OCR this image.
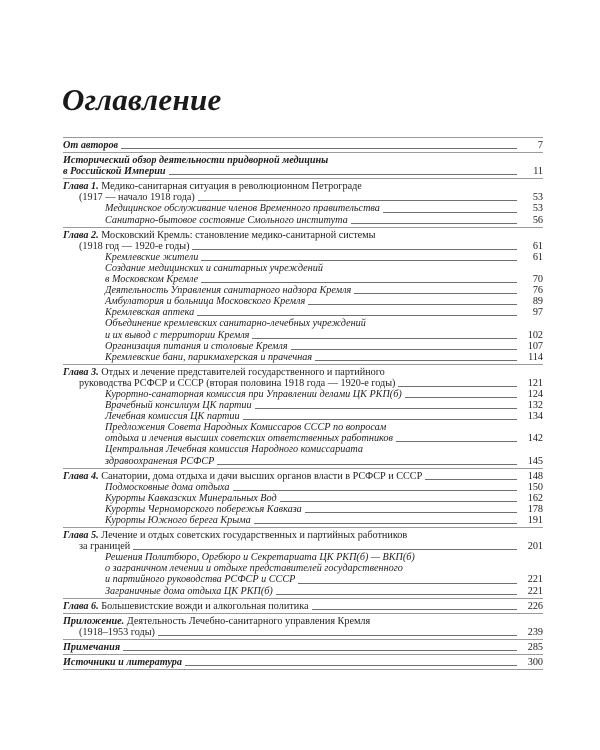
Оглавление
От авторов	7
Исторический обзор деятельности придворной медицины
в Российской Империи	11
Глава 1. Медико-санитарная ситуация в революционном Петрограде
(1917 — начало 1918 года)	53
Медицинское обслуживание членов Временного правительства	53
Санитарно-бытовое состояние Смольного института	56
Глава 2. Московский Кремль: становление медико-санитарной системы
(1918 год — 1920-е годы)	61
Кремлевские жители	61
Создание медицинских и санитарных учреждений
в Московском Кремле	70
Деятельность Управления санитарного надзора Кремля	76
Амбулатория и больница Московского Кремля	89
Кремлевская аптека	97
Объединение кремлевских санитарно-лечебных учреждений
и их вывод с территории Кремля	102
Организация питания и столовые Кремля	107
Кремлевские бани, парикмахерская и прачечная	114
Глава 3. Отдых и лечение представителей государственного и партийного
руководства РСФСР и СССР (вторая половина 1918 года — 1920-е годы)	121
Курортно-санаторная комиссия при Управлении делами ЦК РКП(б)	124
Врачебный консилиум ЦК партии	132
Лечебная комиссия ЦК партии	134
Предложения Совета Народных Комиссаров СССР по вопросам
отдыха и лечения высших советских ответственных работников	142
Центральная Лечебная комиссия Народного комиссариата
здравоохранения РСФСР	145
Глава 4. Санатории, дома отдыха и дачи высших органов власти в РСФСР и СССР	148
Подмосковные дома отдыха	150
Курорты Кавказских Минеральных Вод	162
Курорты Черноморского побережья Кавказа	178
Курорты Южного берега Крыма	191
Глава 5. Лечение и отдых советских государственных и партийных работников
за границей	201
Решения Политбюро, Оргбюро и Секретариата ЦК РКП(б) — ВКП(б)
о заграничном лечении и отдыхе представителей государственного
и партийного руководства РСФСР и СССР	221
Заграничные дома отдыха ЦК РКП(б)	221
Глава 6. Большевистские вожди и алкогольная политика	226
Приложение. Деятельность Лечебно-санитарного управления Кремля
(1918–1953 годы)	239
Примечания	285
Источники и литература	300
